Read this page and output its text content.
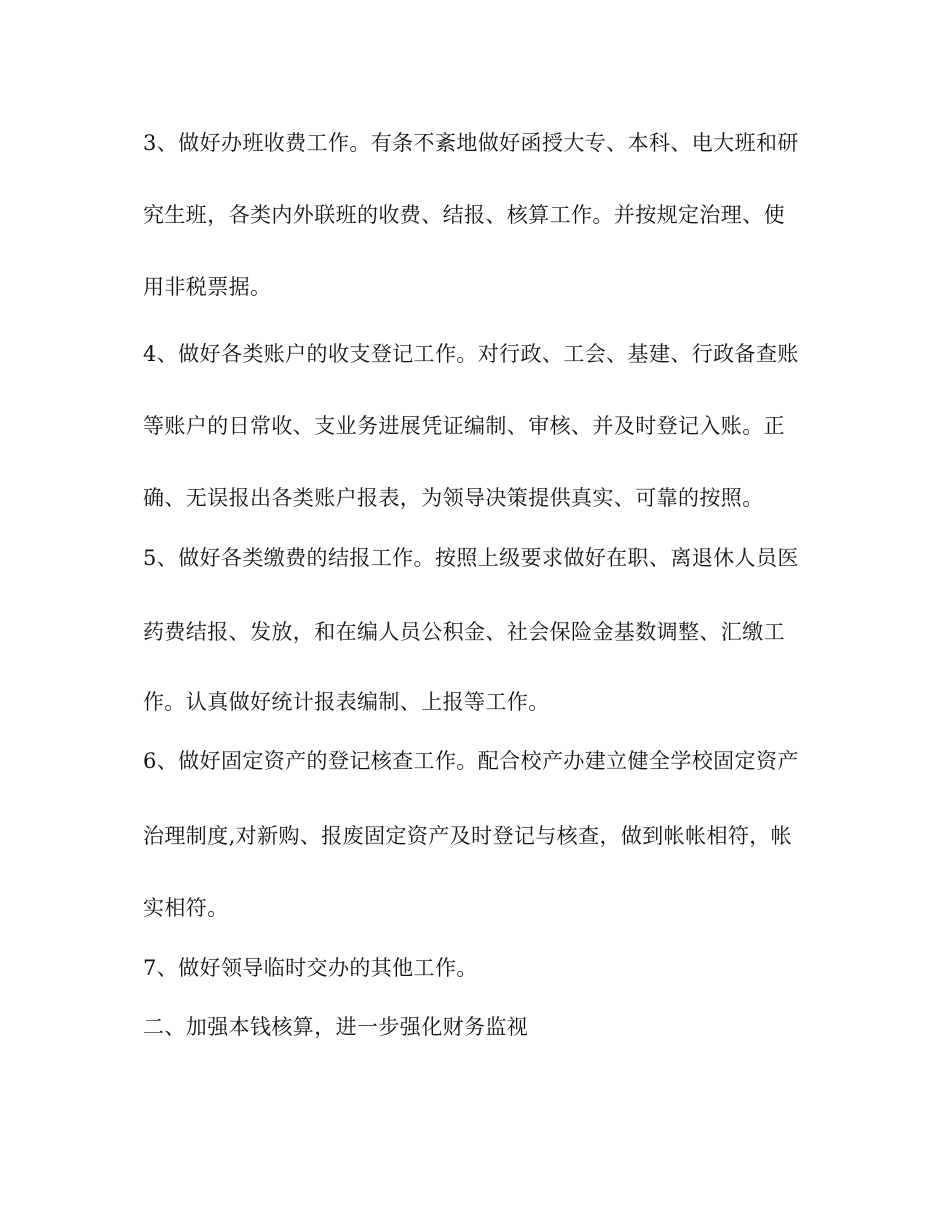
3、做好办班收费工作。有条不紊地做好函授大专、本科、电大班和研

究生班，各类内外联班的收费、结报、核算工作。并按规定治理、使

用非税票据。

4、做好各类账户的收支登记工作。对行政、工会、基建、行政备查账

等账户的日常收、支业务进展凭证编制、审核、并及时登记入账。正

确、无误报出各类账户报表，为领导决策提供真实、可靠的按照。

5、做好各类缴费的结报工作。按照上级要求做好在职、离退休人员医

药费结报、发放，和在编人员公积金、社会保险金基数调整、汇缴工

作。认真做好统计报表编制、上报等工作。

6、做好固定资产的登记核查工作。配合校产办建立健全学校固定资产

治理制度,对新购、报废固定资产及时登记与核查，做到帐帐相符，帐

实相符。

7、做好领导临时交办的其他工作。

二、加强本钱核算，进一步强化财务监视
